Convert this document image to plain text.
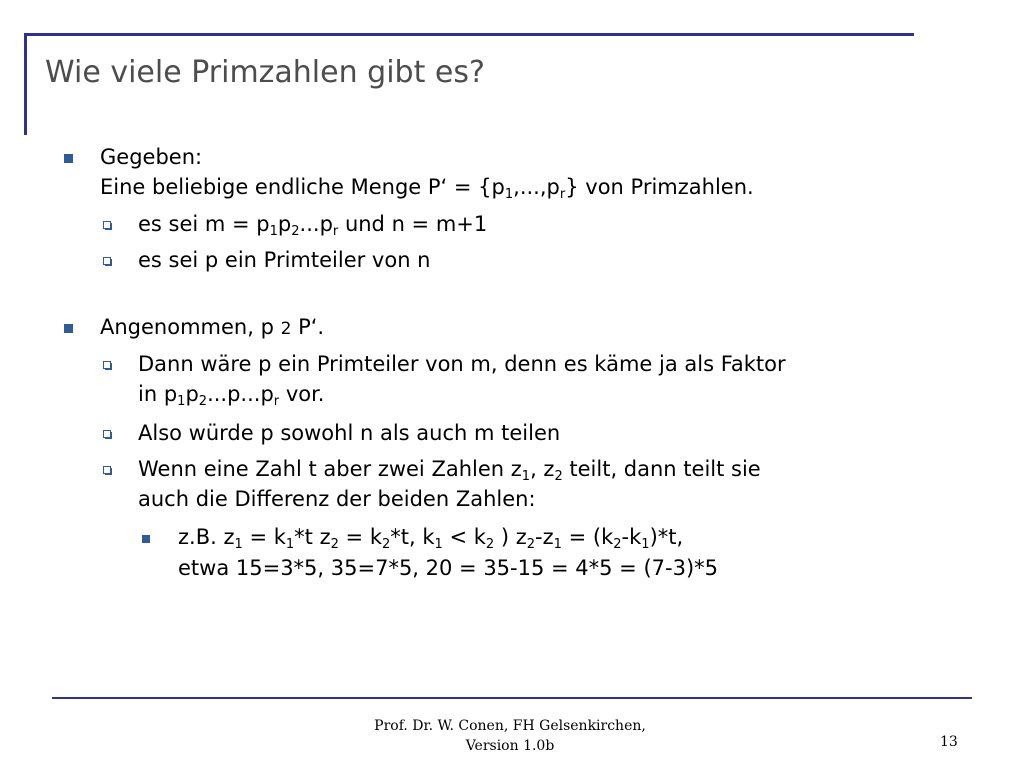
Wie viele Primzahlen gibt es?
Gegeben:
Eine beliebige endliche Menge P‘ = $\{p_1,...,p_r\}$ von Primzahlen.
es sei $m = p_1p_2...p_r$ und n = m+1
es sei p ein Primteiler von n
Angenommen, p 2 P‘.
Dann wäre p ein Primteiler von m, denn es käme ja als Faktor
in $p_1p_2...p...p_r$ vor.
Also würde p sowohl n als auch m teilen
Wenn eine Zahl t aber zwei Zahlen $z_1$, $z_2$ teilt, dann teilt sie
auch die Differenz der beiden Zahlen:
z.B. $z_1 = k_1*t$ $z_2 = k_2*t$, $k_1 < k_2$ ) $z_2-z_1 = (k_2-k_1)*t$,
etwa 15=3*5, 35=7*5, 20 = 35-15 = 4*5 = (7-3)*5
Prof. Dr. W. Conen, FH Gelsenkirchen,
Version 1.0b	13
